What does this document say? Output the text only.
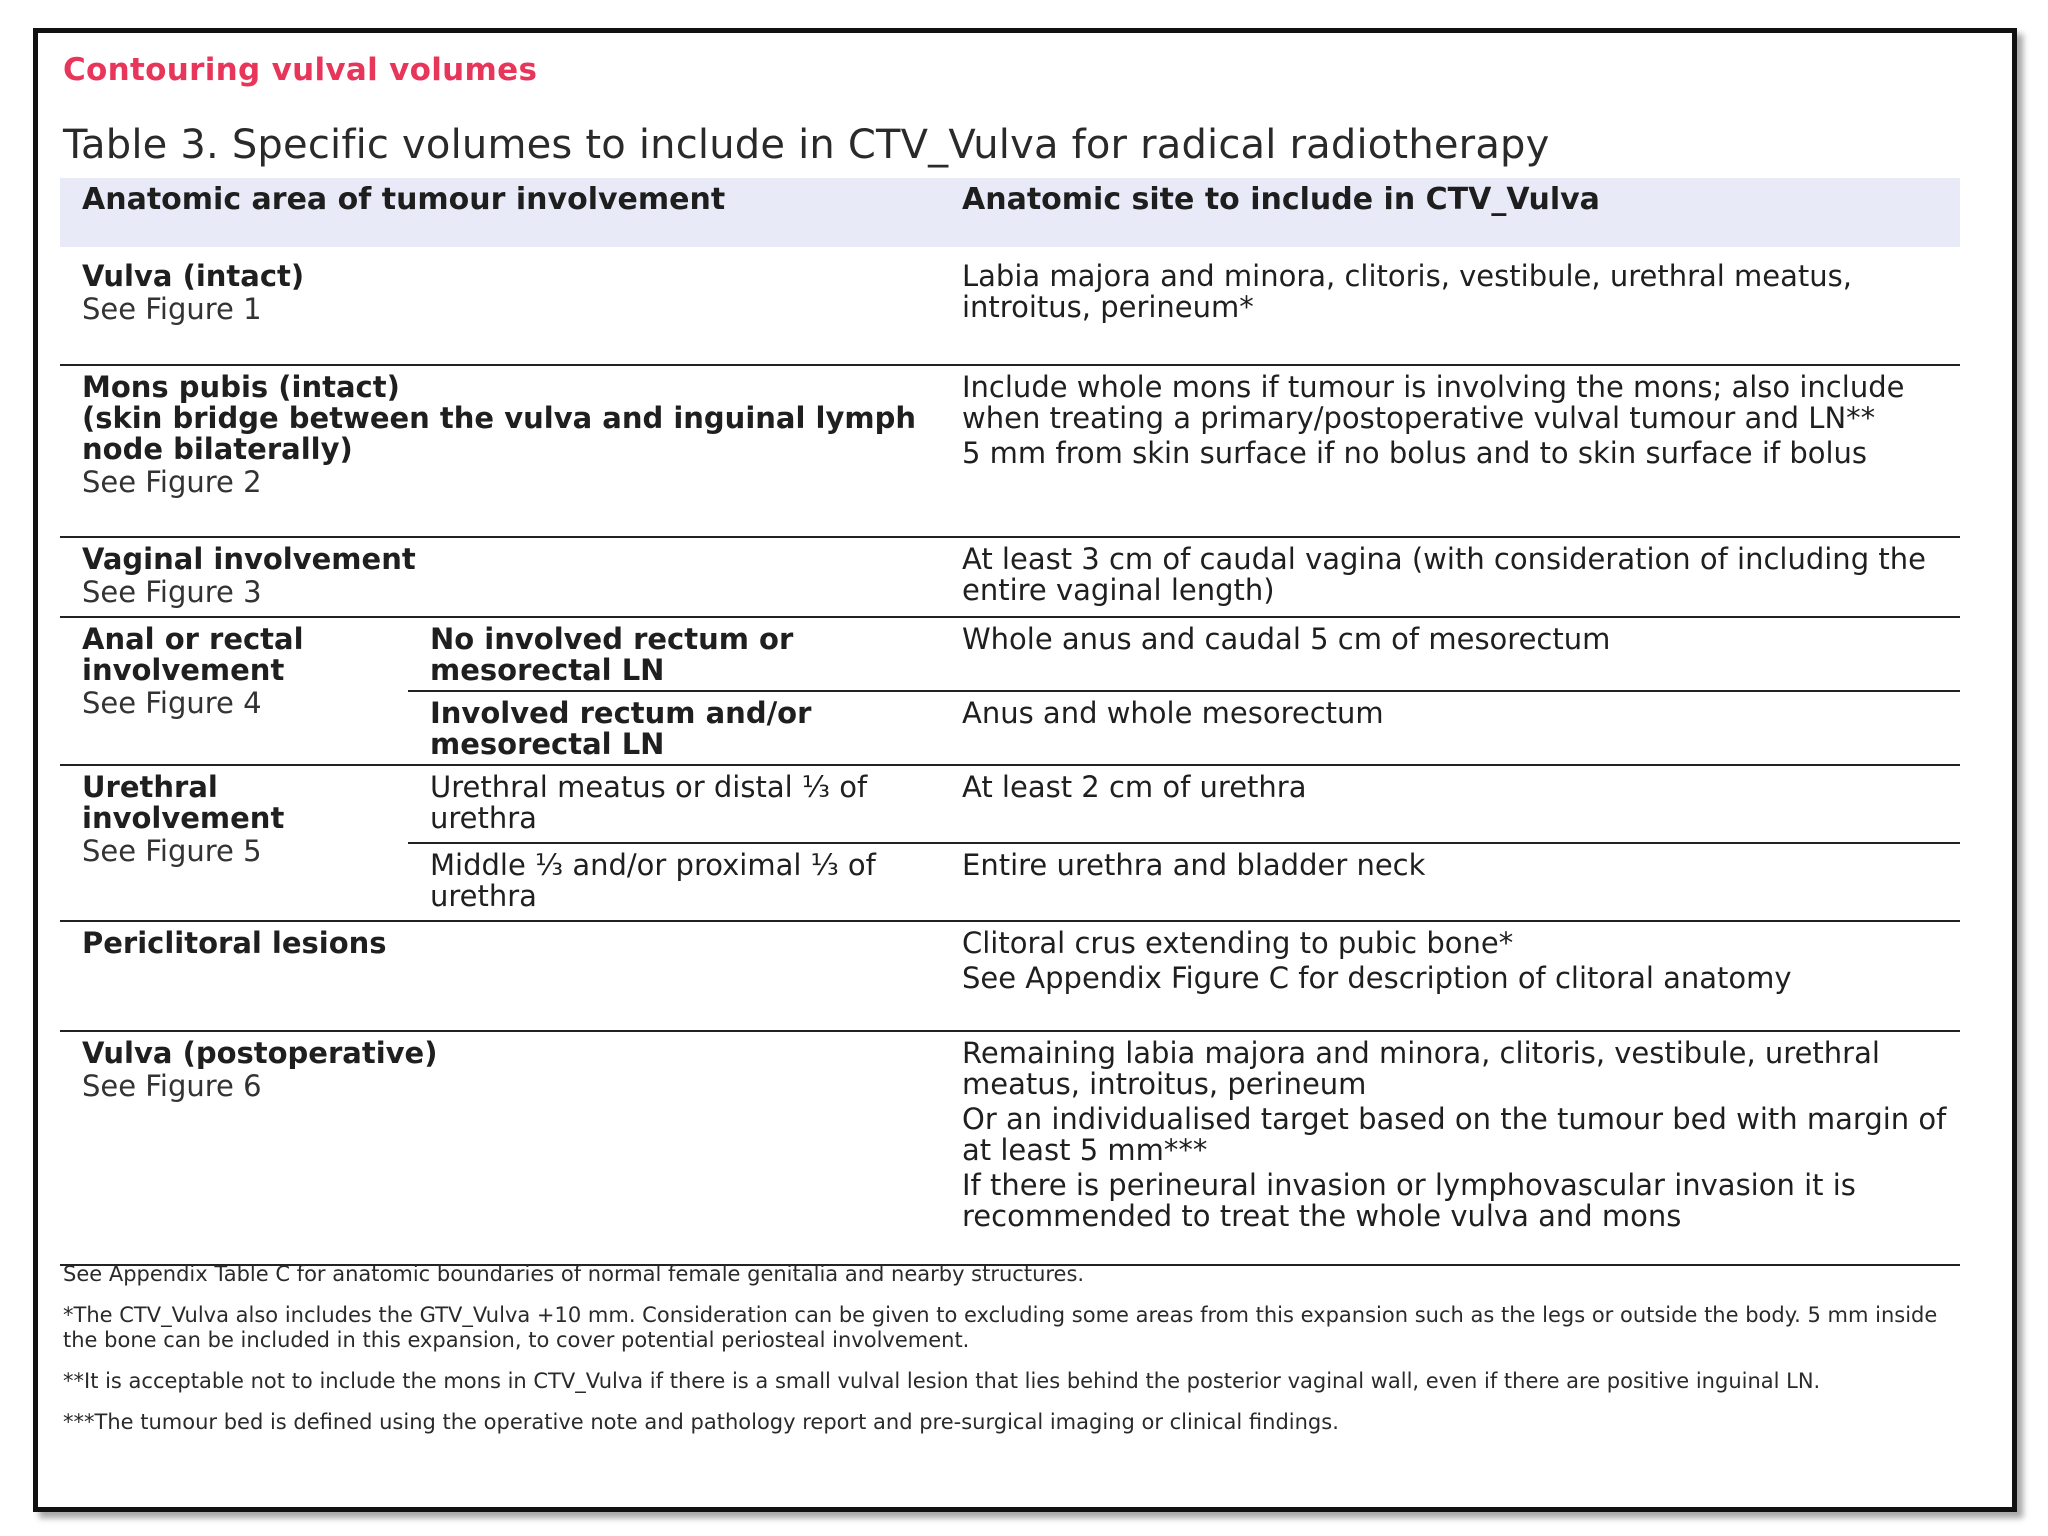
Contouring vulval volumes
Table 3. Specific volumes to include in CTV_Vulva for radical radiotherapy
Anatomic area of tumour involvement		Anatomic site to include in CTV_Vulva

Vulva (intact)
See Figure 1		Labia majora and minora, clitoris, vestibule, urethral meatus, introitus, perineum*

Mons pubis (intact)
(skin bridge between the vulva and inguinal lymph node bilaterally)
See Figure 2		Include whole mons if tumour is involving the mons; also include when treating a primary/postoperative vulval tumour and LN**
5 mm from skin surface if no bolus and to skin surface if bolus

Vaginal involvement
See Figure 3		At least 3 cm of caudal vagina (with consideration of including the entire vaginal length)

Anal or rectal involvement
See Figure 4	No involved rectum or mesorectal LN	Whole anus and caudal 5 cm of mesorectum

	Involved rectum and/or mesorectal LN	Anus and whole mesorectum

Urethral involvement
See Figure 5	Urethral meatus or distal ⅓ of urethra	At least 2 cm of urethra

	Middle ⅓ and/or proximal ⅓ of urethra	Entire urethra and bladder neck

Periclitoral lesions		Clitoral crus extending to pubic bone*
See Appendix Figure C for description of clitoral anatomy

Vulva (postoperative)
See Figure 6		Remaining labia majora and minora, clitoris, vestibule, urethral meatus, introitus, perineum
Or an individualised target based on the tumour bed with margin of at least 5 mm***
If there is perineural invasion or lymphovascular invasion it is recommended to treat the whole vulva and mons

See Appendix Table C for anatomic boundaries of normal female genitalia and nearby structures.

*The CTV_Vulva also includes the GTV_Vulva +10 mm. Consideration can be given to excluding some areas from this expansion such as the legs or outside the body. 5 mm inside the bone can be included in this expansion, to cover potential periosteal involvement.

**It is acceptable not to include the mons in CTV_Vulva if there is a small vulval lesion that lies behind the posterior vaginal wall, even if there are positive inguinal LN.

***The tumour bed is defined using the operative note and pathology report and pre-surgical imaging or clinical findings.
